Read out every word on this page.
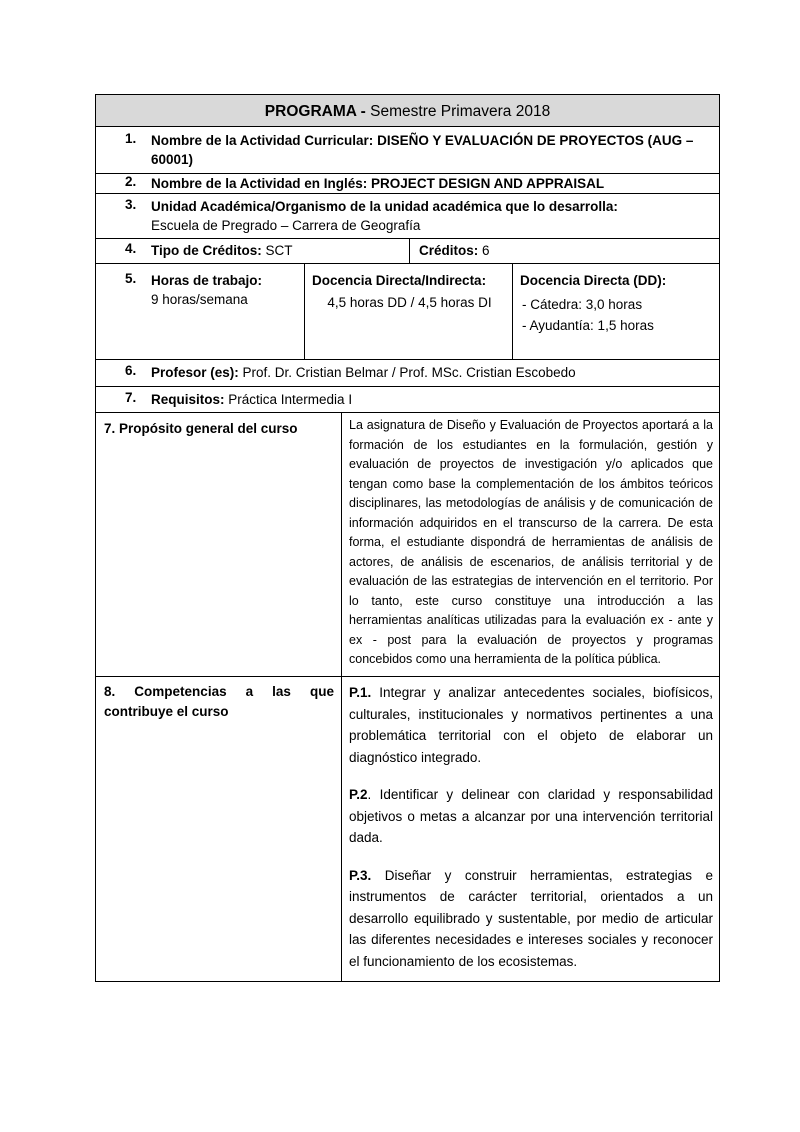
PROGRAMA - Semestre Primavera 2018
1. Nombre de la Actividad Curricular: DISEÑO Y EVALUACIÓN DE PROYECTOS (AUG –
60001)
2. Nombre de la Actividad en Inglés: PROJECT DESIGN AND APPRAISAL
3. Unidad Académica/Organismo de la unidad académica que lo desarrolla:
Escuela de Pregrado – Carrera de Geografía
4. Tipo de Créditos: SCT	Créditos: 6
5. Horas de trabajo:
9 horas/semana
Docencia Directa/Indirecta:

4,5 horas DD / 4,5 horas DI
Docencia Directa (DD):
- Cátedra: 3,0 horas
- Ayudantía: 1,5 horas
6. Profesor (es): Prof. Dr. Cristian Belmar / Prof. MSc. Cristian Escobedo
7. Requisitos: Práctica Intermedia I
7. Propósito general del curso	La asignatura de Diseño y Evaluación de Proyectos aportará a la formación de los estudiantes en la formulación, gestión y evaluación de proyectos de investigación y/o aplicados que tengan como base la complementación de los ámbitos teóricos disciplinares, las metodologías de análisis y de comunicación de información adquiridos en el transcurso de la carrera. De esta forma, el estudiante dispondrá de herramientas de análisis de actores, de análisis de escenarios, de análisis territorial y de evaluación de las estrategias de intervención en el territorio. Por lo tanto, este curso constituye una introducción a las herramientas analíticas utilizadas para la evaluación ex - ante y ex - post para la evaluación de proyectos y programas concebidos como una herramienta de la política pública.
8. Competencias a las que contribuye el curso

P.1. Integrar y analizar antecedentes sociales, biofísicos, culturales, institucionales y normativos pertinentes a una problemática territorial con el objeto de elaborar un diagnóstico integrado.

P.2. Identificar y delinear con claridad y responsabilidad objetivos o metas a alcanzar por una intervención territorial dada.

P.3. Diseñar y construir herramientas, estrategias e instrumentos de carácter territorial, orientados a un desarrollo equilibrado y sustentable, por medio de articular las diferentes necesidades e intereses sociales y reconocer el funcionamiento de los ecosistemas.
